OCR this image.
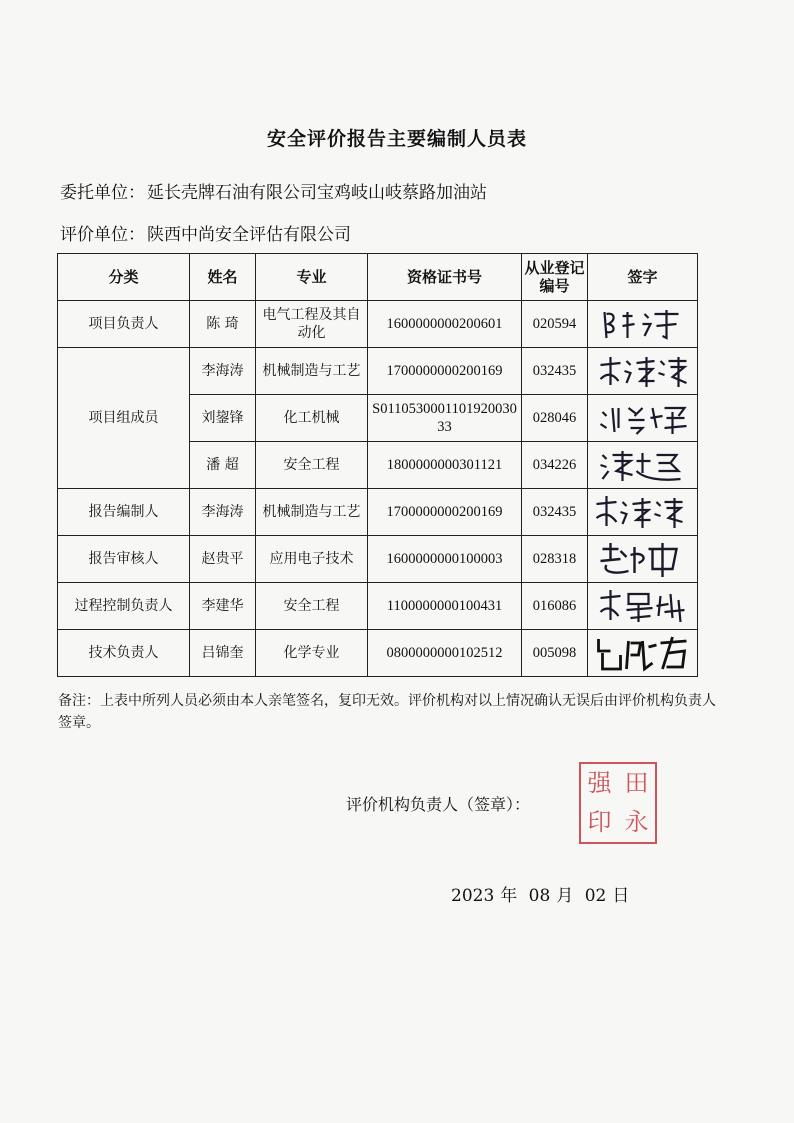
安全评价报告主要编制人员表
委托单位： 延长壳牌石油有限公司宝鸡岐山岐蔡路加油站
评价单位： 陕西中尚安全评估有限公司
分类	姓名	专业	资格证书号	从业登记编号	签字
项目负责人	陈 琦	电气工程及其自动化	1600000000200601	020594	

项目组成员	李海涛	机械制造与工艺	1700000000200169	032435	

	刘鋆锋	化工机械	S011053000110192003033	028046	

	潘 超	安全工程	1800000000301121	034226	

报告编制人	李海涛	机械制造与工艺	1700000000200169	032435	

报告审核人	赵贵平	应用电子技术	1600000000100003	028318	

过程控制负责人	李建华	安全工程	1100000000100431	016086	

技术负责人	吕锦奎	化学专业	0800000000102512	005098	
备注：上表中所列人员必须由本人亲笔签名，复印无效。评价机构对以上情况确认无误后由评价机构负责人签章。
评价机构负责人（签章）：
强 田
印 永
2023 年 08 月 02 日
